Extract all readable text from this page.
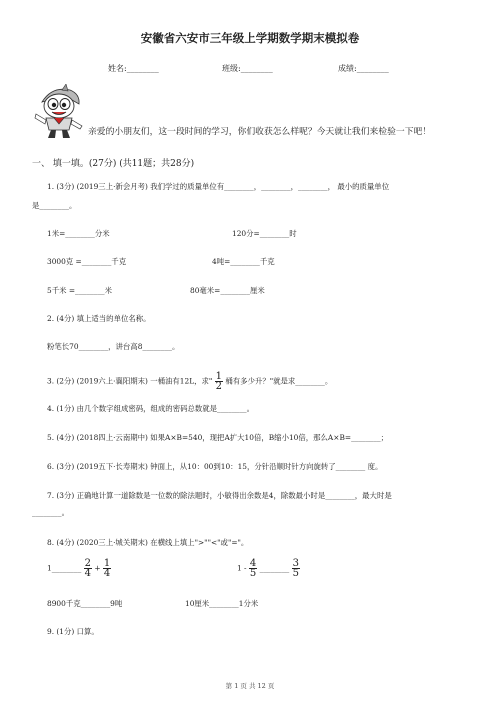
安徽省六安市三年级上学期数学期末模拟卷
姓名:________	班级:________	成绩:________
亲爱的小朋友们，这一段时间的学习，你们收获怎么样呢？今天就让我们来检验一下吧！
一、 填一填。(27分) (共11题；共28分)
1. (3分) (2019三上·新会月考) 我们学过的质量单位有________，________，________， 最小的质量单位
是________。
1米=________分米	120分=________时
3000克 =________千克	4吨=________千克
5千米 =________米	80毫米=________厘米
2. (4分) 填上适当的单位名称。
粉笔长70________，讲台高8________。
3. (2分) (2019六上·襄阳期末) 一桶油有12L，求" $\frac{1}{2}$ 桶有多少升？"就是求________。
4. (1分) 由几个数字组成密码，组成的密码总数就是________。
5. (4分) (2018四上·云南期中) 如果A×B=540，现把A扩大10倍，B缩小10倍，那么A×B=________；
6. (3分) (2019五下·长寿期末) 钟面上，从10：00到10：15，分针沿顺时针方向旋转了________ 度。
7. (3分) 正确地计算一道除数是一位数的除法题时，小敏得出余数是4，除数最小时是________，最大时是
________。
8. (4分) (2020三上·城关期末) 在横线上填上">""<"或"="。
1________ $\frac{2}{4} + \frac{1}{4}$	$1 - \frac{4}{5}$ ________ $\frac{3}{5}$
8900千克________9吨	10厘米________1分米
9. (1分) 口算。
第 1 页 共 12 页
